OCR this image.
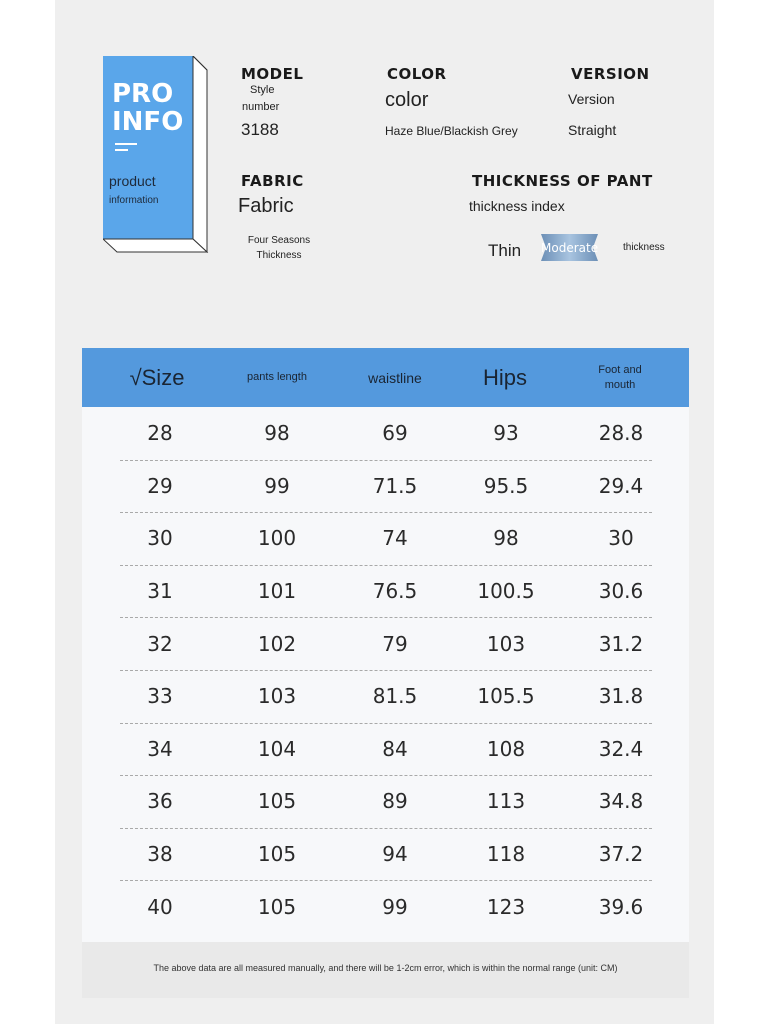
PRO
INFO
product
information
MODEL
Style
number
3188
COLOR
color
Haze Blue/Blackish Grey
VERSION
Version
Straight
FABRIC
Fabric
Four Seasons
Thickness
THICKNESS OF PANT
thickness index
Thin Moderate thickness
√Size	pants length	waistline	Hips	Foot and
mouth
28	98	69	93	28.8
29	99	71.5	95.5	29.4
30	100	74	98	30
31	101	76.5	100.5	30.6
32	102	79	103	31.2
33	103	81.5	105.5	31.8
34	104	84	108	32.4
36	105	89	113	34.8
38	105	94	118	37.2
40	105	99	123	39.6
The above data are all measured manually, and there will be 1-2cm error, which is within the normal range (unit: CM)
